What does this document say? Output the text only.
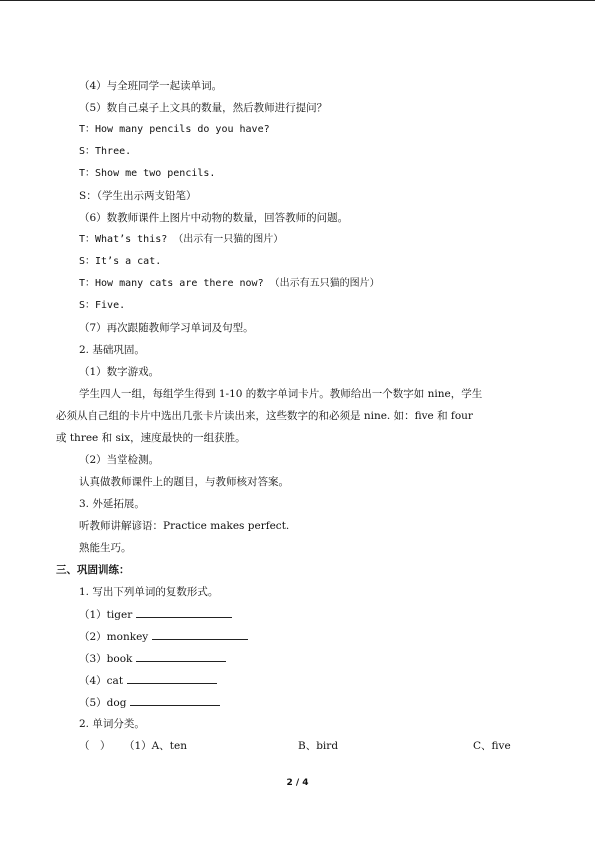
（4）与全班同学一起读单词。
（5）数自己桌子上文具的数量，然后教师进行提问？
T：How many pencils do you have?
S：Three.
T：Show me two pencils.
S：（学生出示两支铅笔）
（6）数教师课件上图片中动物的数量，回答教师的问题。
T：What’s this? （出示有一只猫的图片）
S：It’s a cat.
T：How many cats are there now? （出示有五只猫的图片）
S：Five.
（7）再次跟随教师学习单词及句型。
2. 基础巩固。
（1）数字游戏。
学生四人一组，每组学生得到 1-10 的数字单词卡片。教师给出一个数字如 nine，学生
必须从自己组的卡片中选出几张卡片读出来，这些数字的和必须是 nine. 如：five 和 four
或 three 和 six，速度最快的一组获胜。
（2）当堂检测。
认真做教师课件上的题目，与教师核对答案。
3. 外延拓展。
听教师讲解谚语：Practice makes perfect.
熟能生巧。
三、巩固训练：
1. 写出下列单词的复数形式。
（1）tiger
（2）monkey
（3）book
（4）cat
（5）dog
2. 单词分类。
（　） （1）A、ten	B、bird	C、five
2 / 4
